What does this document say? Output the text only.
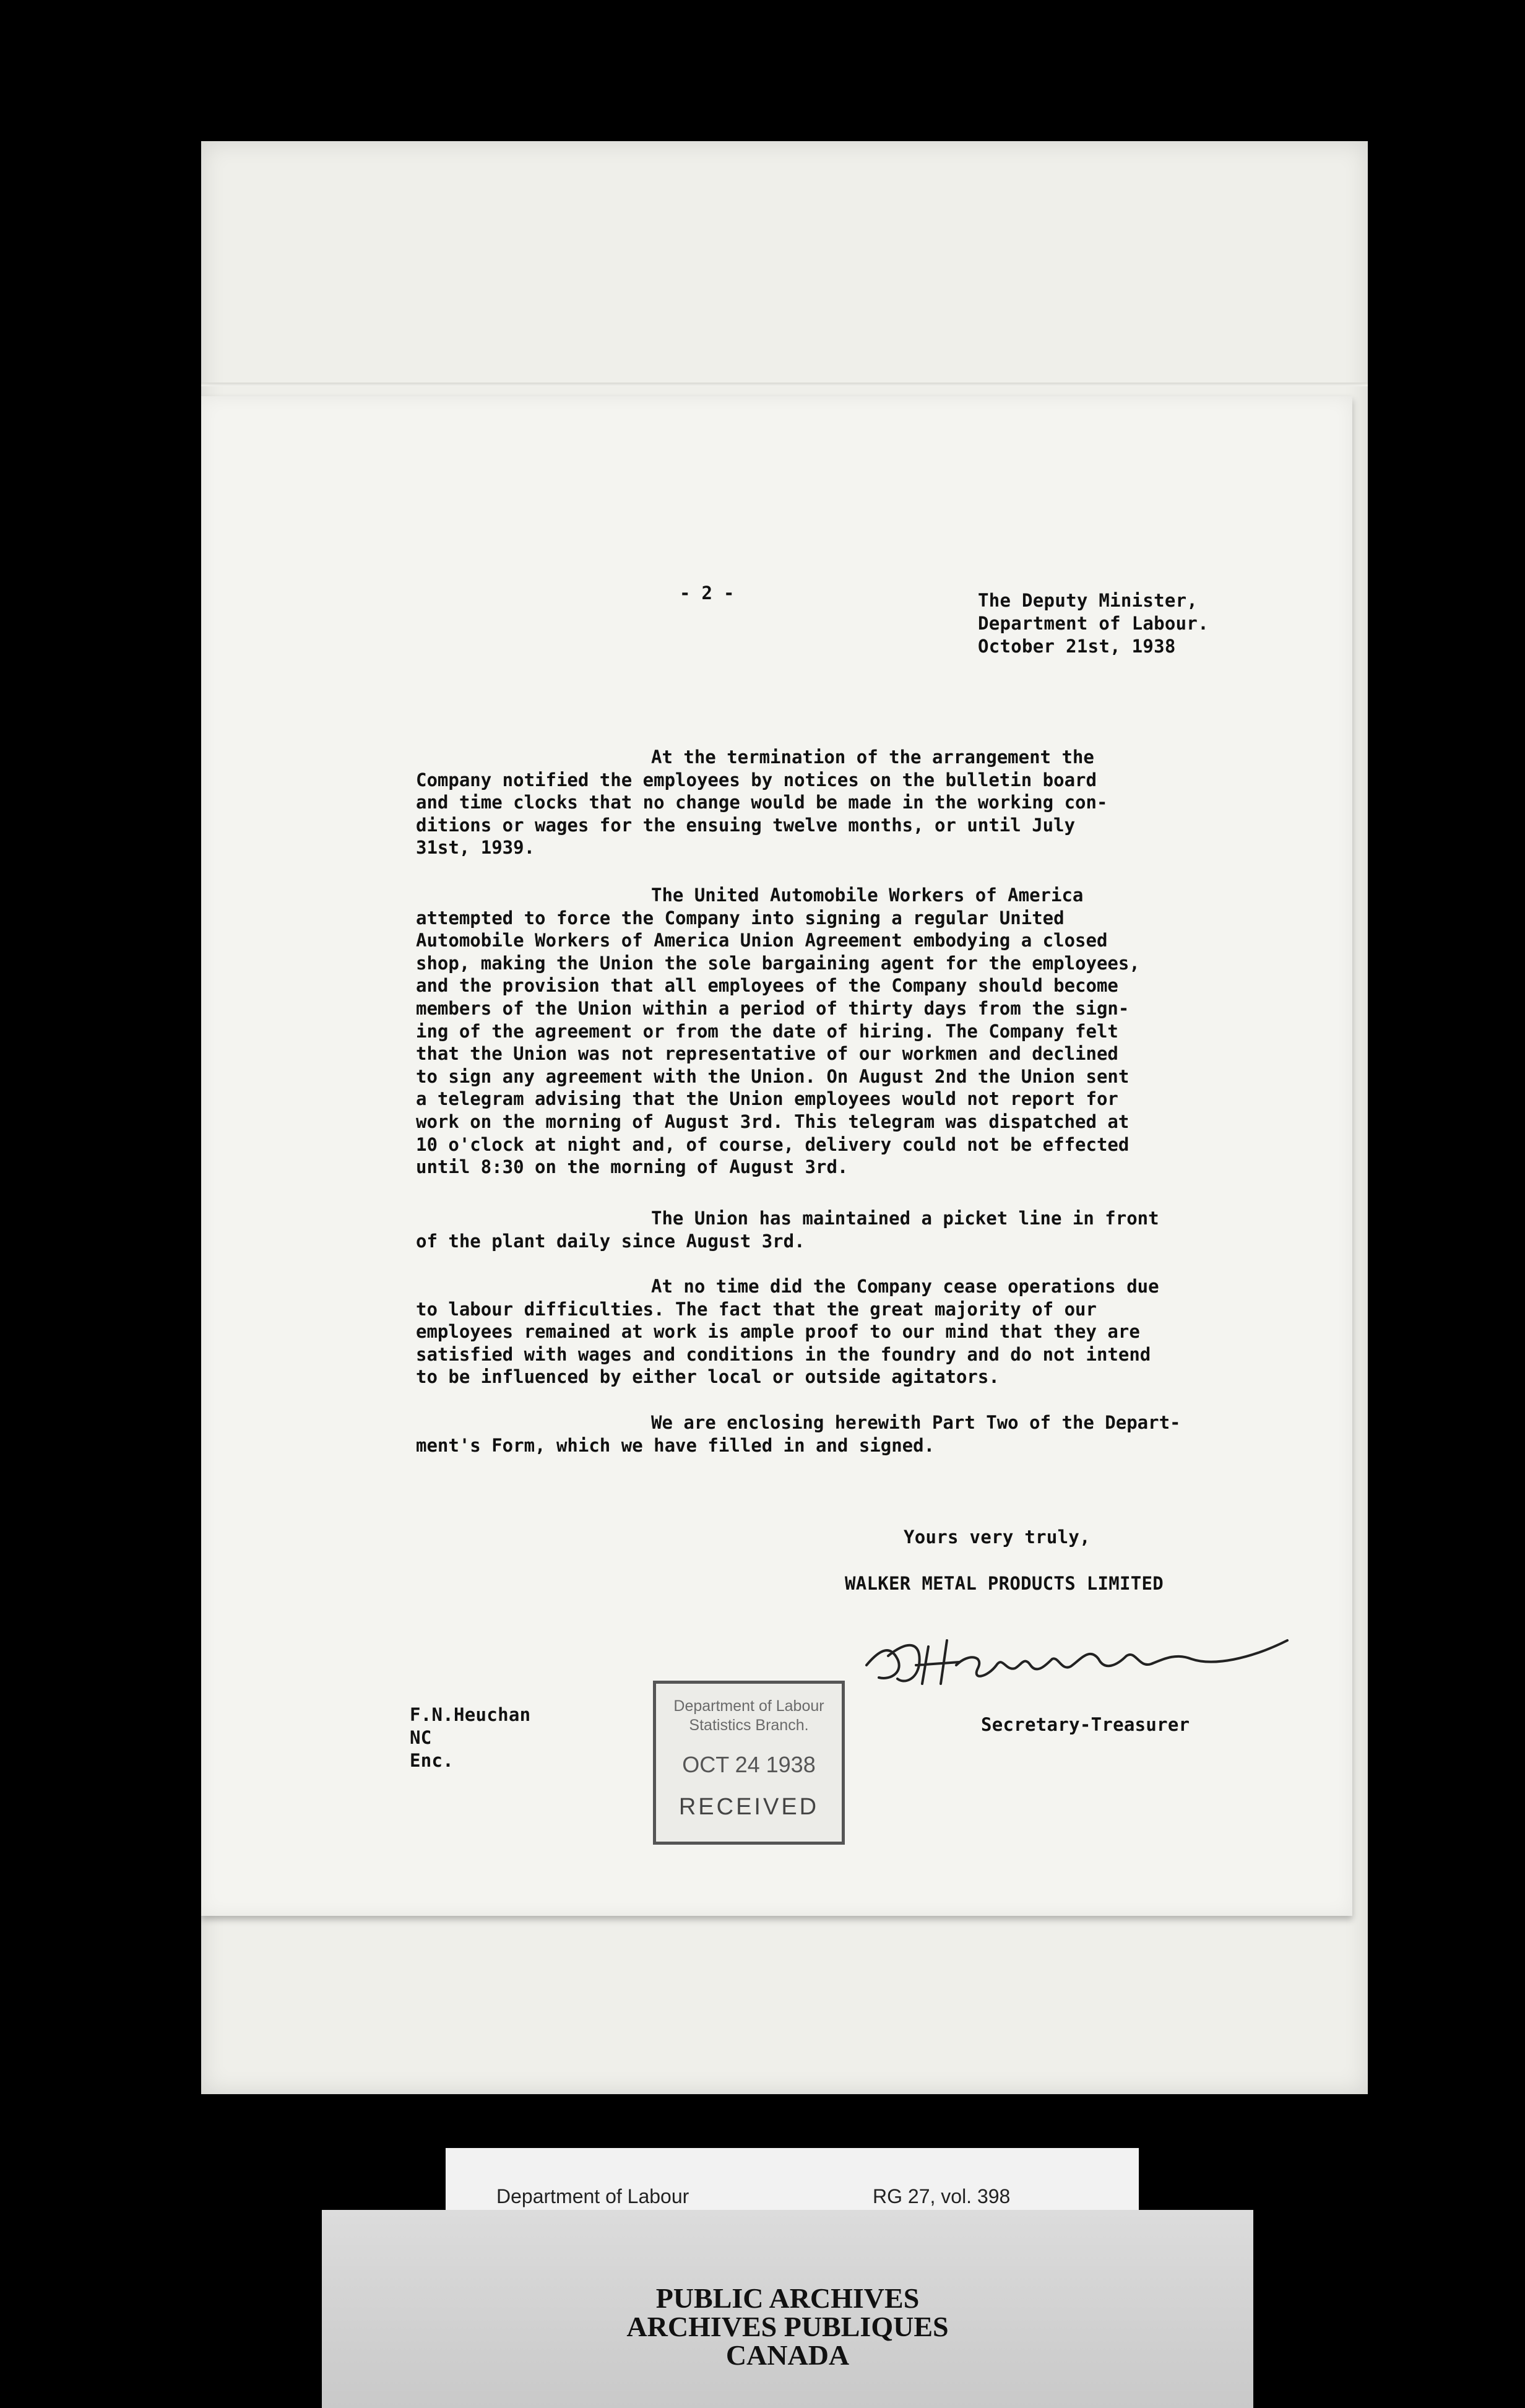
- 2 -	The Deputy Minister,
Department of Labour.
October 21st, 1938
At the termination of the arrangement the
Company notified the employees by notices on the bulletin board
and time clocks that no change would be made in the working con-
ditions or wages for the ensuing twelve months, or until July
31st, 1939.
The United Automobile Workers of America
attempted to force the Company into signing a regular United
Automobile Workers of America Union Agreement embodying a closed
shop, making the Union the sole bargaining agent for the employees,
and the provision that all employees of the Company should become
members of the Union within a period of thirty days from the sign-
ing of the agreement or from the date of hiring. The Company felt
that the Union was not representative of our workmen and declined
to sign any agreement with the Union. On August 2nd the Union sent
a telegram advising that the Union employees would not report for
work on the morning of August 3rd. This telegram was dispatched at
10 o'clock at night and, of course, delivery could not be effected
until 8:30 on the morning of August 3rd.
The Union has maintained a picket line in front
of the plant daily since August 3rd.
At no time did the Company cease operations due
to labour difficulties. The fact that the great majority of our
employees remained at work is ample proof to our mind that they are
satisfied with wages and conditions in the foundry and do not intend
to be influenced by either local or outside agitators.
We are enclosing herewith Part Two of the Depart-
ment's Form, which we have filled in and signed.
Yours very truly,
WALKER METAL PRODUCTS LIMITED
Secretary-Treasurer
F.N.Heuchan
NC
Enc.
Department of Labour
Statistics Branch.
OCT 24 1938
RECEIVED
Department of Labour	RG 27, vol. 398
PUBLIC ARCHIVES
ARCHIVES PUBLIQUES
CANADA
